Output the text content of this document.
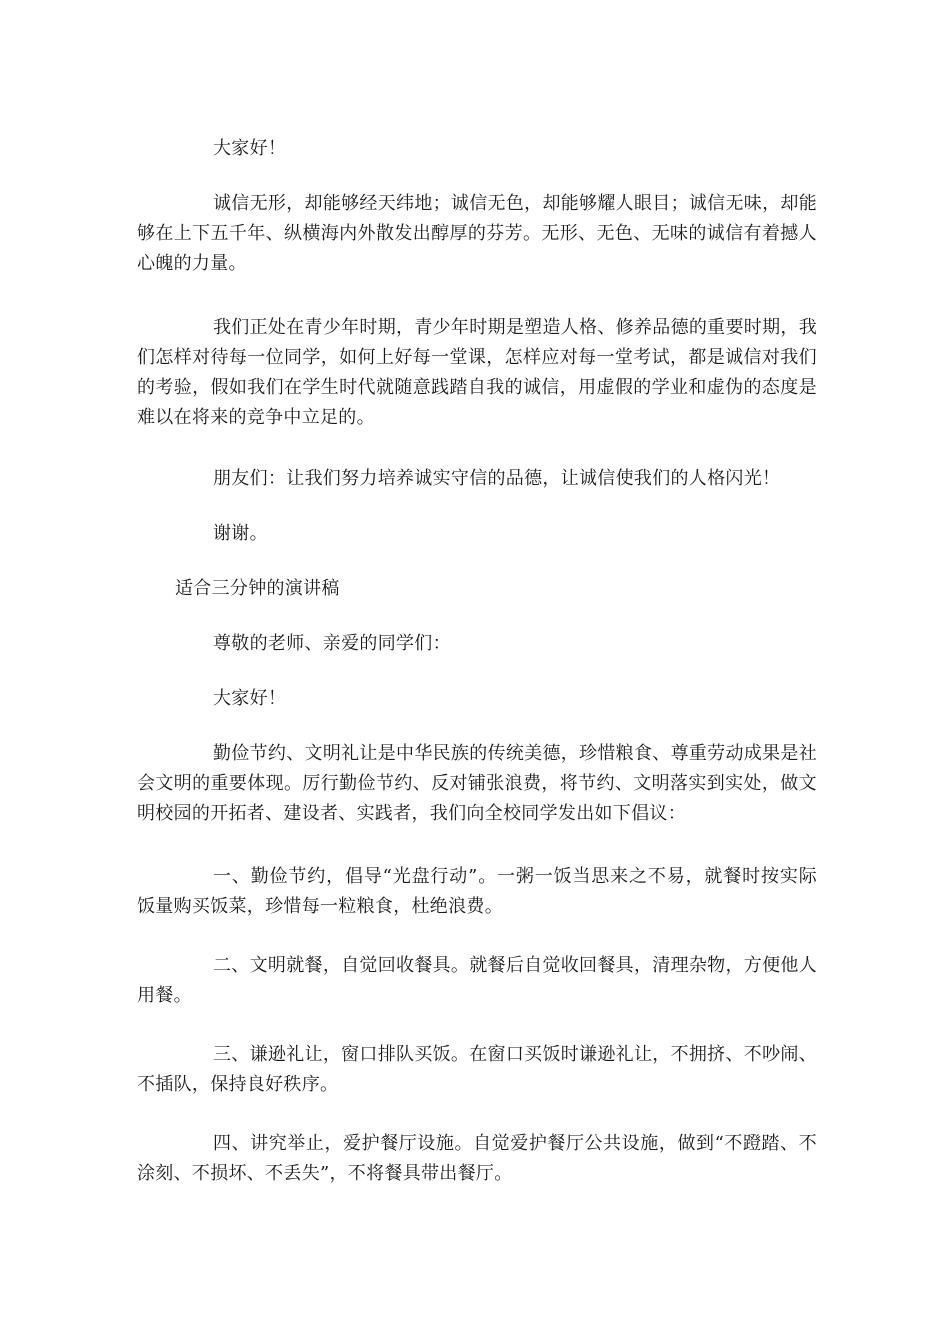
大家好！

诚信无形，却能够经天纬地；诚信无色，却能够耀人眼目；诚信无味，却能够在上下五千年、纵横海内外散发出醇厚的芬芳。无形、无色、无味的诚信有着撼人心魄的力量。

我们正处在青少年时期，青少年时期是塑造人格、修养品德的重要时期，我们怎样对待每一位同学，如何上好每一堂课，怎样应对每一堂考试，都是诚信对我们的考验，假如我们在学生时代就随意践踏自我的诚信，用虚假的学业和虚伪的态度是难以在将来的竞争中立足的。

朋友们：让我们努力培养诚实守信的品德，让诚信使我们的人格闪光！

谢谢。

适合三分钟的演讲稿

尊敬的老师、亲爱的同学们：

大家好！

勤俭节约、文明礼让是中华民族的传统美德，珍惜粮食、尊重劳动成果是社会文明的重要体现。厉行勤俭节约、反对铺张浪费，将节约、文明落实到实处，做文明校园的开拓者、建设者、实践者，我们向全校同学发出如下倡议：

一、勤俭节约，倡导“光盘行动”。一粥一饭当思来之不易，就餐时按实际饭量购买饭菜，珍惜每一粒粮食，杜绝浪费。

二、文明就餐，自觉回收餐具。就餐后自觉收回餐具，清理杂物，方便他人用餐。

三、谦逊礼让，窗口排队买饭。在窗口买饭时谦逊礼让，不拥挤、不吵闹、不插队，保持良好秩序。

四、讲究举止，爱护餐厅设施。自觉爱护餐厅公共设施，做到“不蹬踏、不涂刻、不损坏、不丢失”，不将餐具带出餐厅。
